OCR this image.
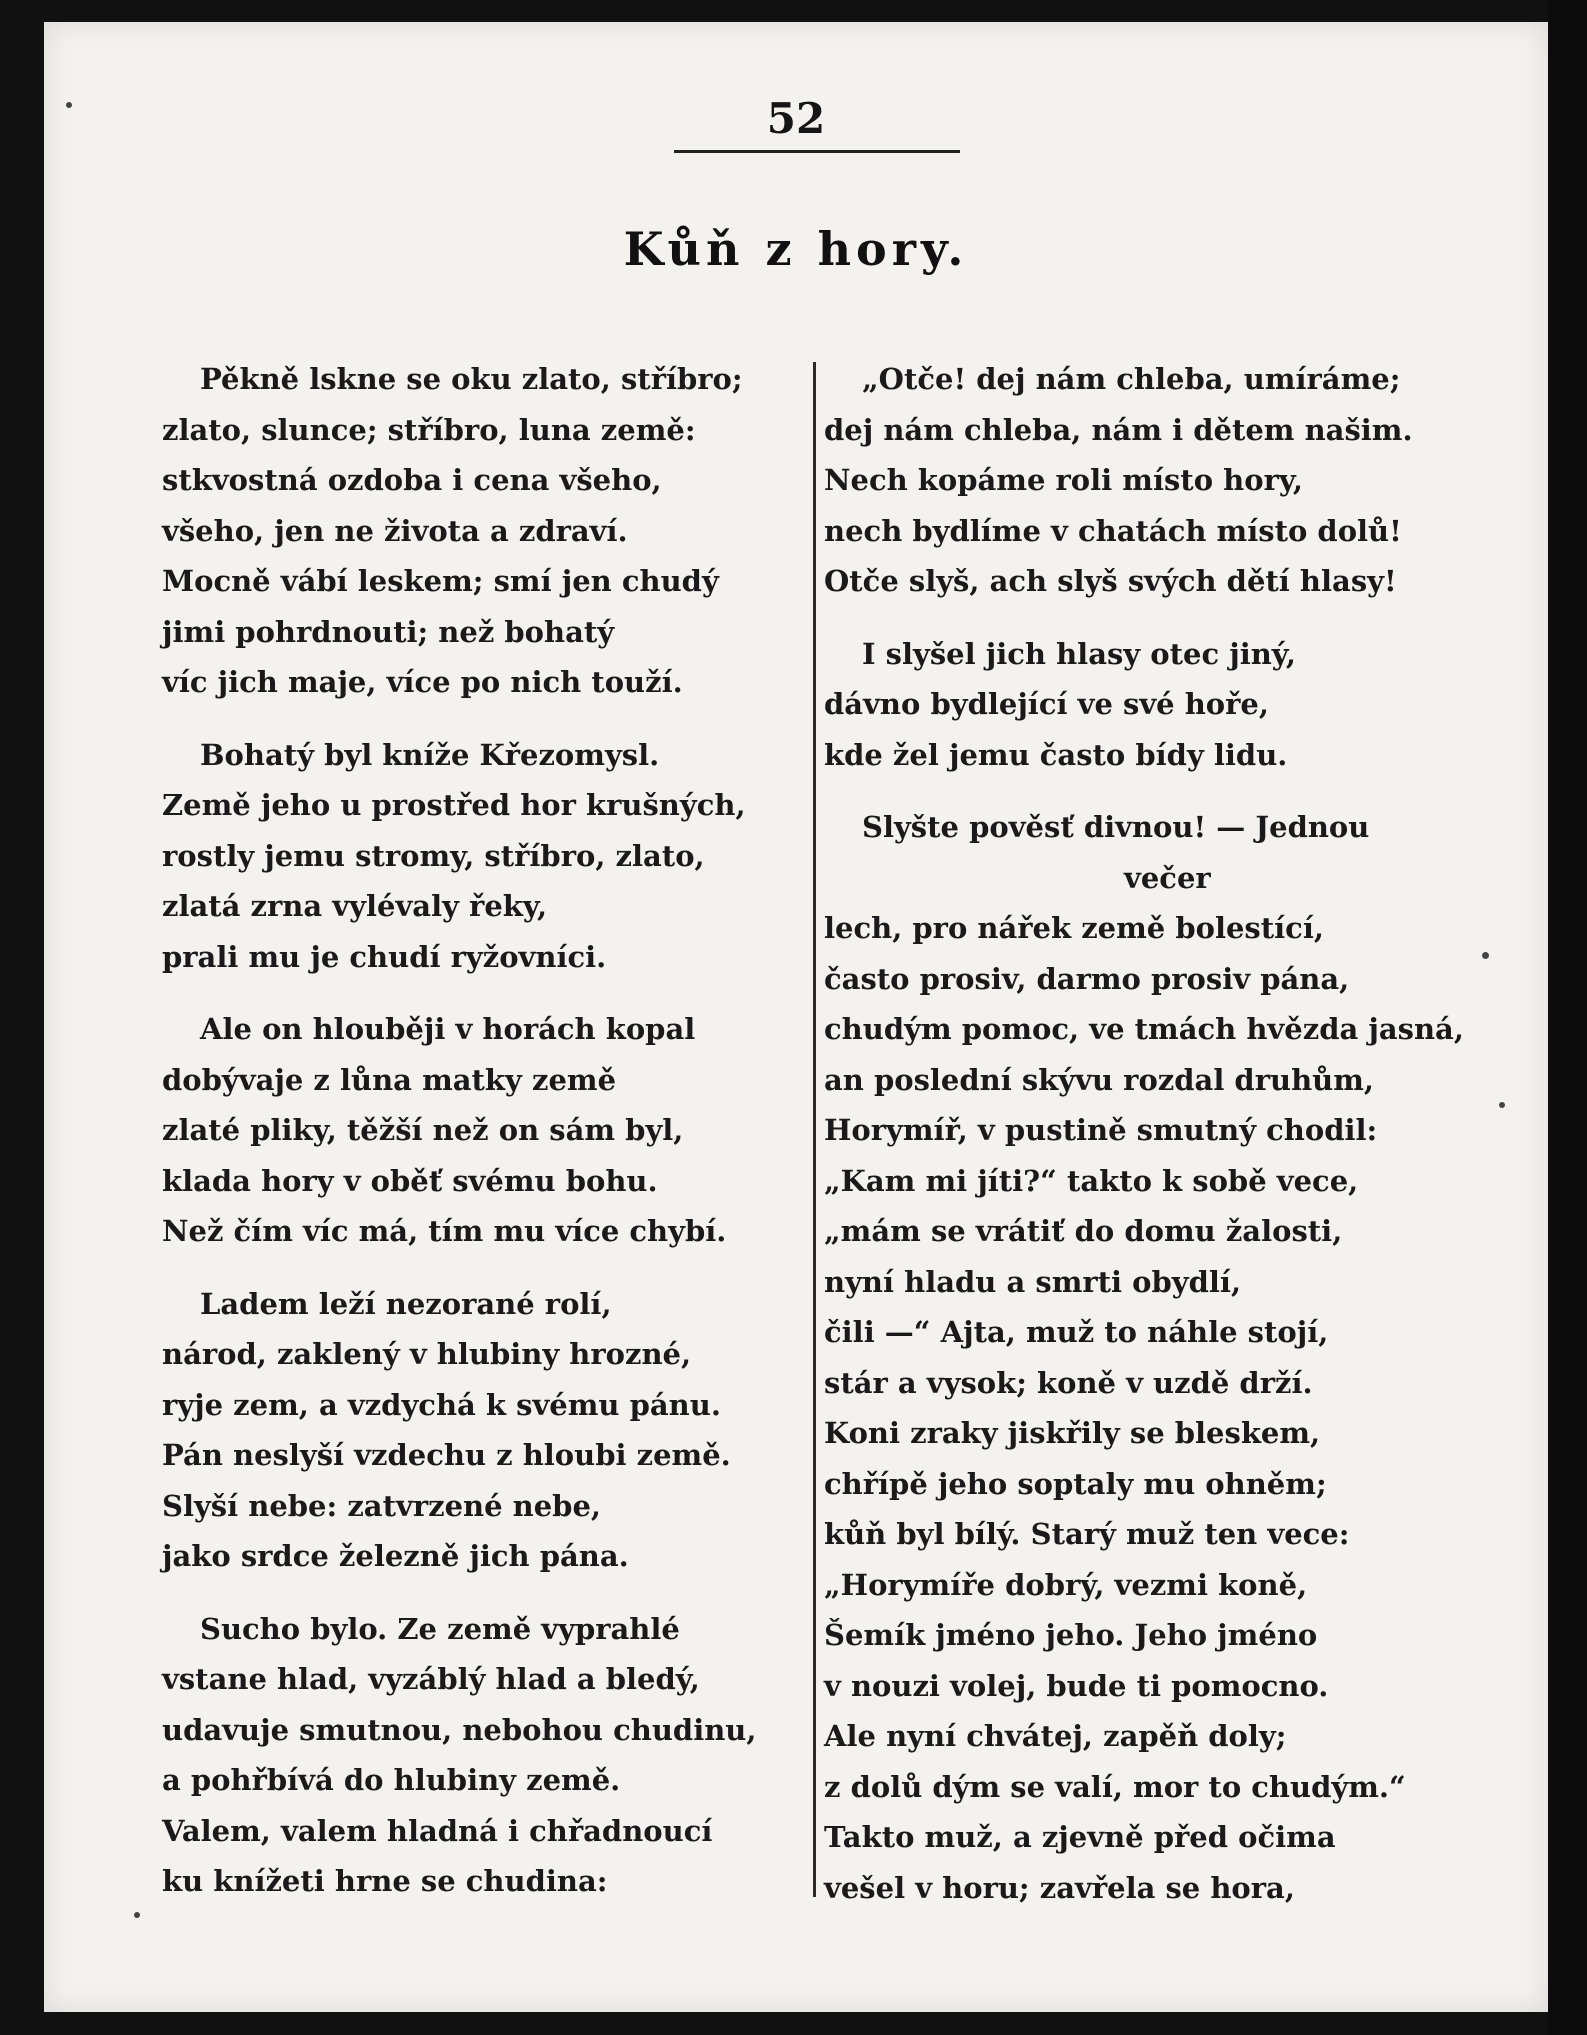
52
Kůň z hory.
Pěkně lskne se oku zlato, stříbro;
zlato, slunce; stříbro, luna země:
stkvostná ozdoba i cena všeho,
všeho, jen ne života a zdraví.
Mocně vábí leskem; smí jen chudý
jimi pohrdnouti; než bohatý
víc jich maje, více po nich touží.
Bohatý byl kníže Křezomysl.
Země jeho u prostřed hor krušných,
rostly jemu stromy, stříbro, zlato,
zlatá zrna vylévaly řeky,
prali mu je chudí ryžovníci.
Ale on hlouběji v horách kopal
dobývaje z lůna matky země
zlaté pliky, těžší než on sám byl,
klada hory v oběť svému bohu.
Než čím víc má, tím mu více chybí.
Ladem leží nezorané rolí,
národ, zaklený v hlubiny hrozné,
ryje zem, a vzdychá k svému pánu.
Pán neslyší vzdechu z hloubi země.
Slyší nebe: zatvrzené nebe,
jako srdce železně jich pána.
Sucho bylo. Ze země vyprahlé
vstane hlad, vyzáblý hlad a bledý,
udavuje smutnou, nebohou chudinu,
a pohřbívá do hlubiny země.
Valem, valem hladná i chřadnoucí
ku knížeti hrne se chudina:
„Otče! dej nám chleba, umíráme;
dej nám chleba, nám i dětem našim.
Nech kopáme roli místo hory,
nech bydlíme v chatách místo dolů!
Otče slyš, ach slyš svých dětí hlasy!
I slyšel jich hlasy otec jiný,
dávno bydlející ve své hoře,
kde žel jemu často bídy lidu.
Slyšte pověsť divnou! — Jednou
večer
lech, pro nářek země bolestící,
často prosiv, darmo prosiv pána,
chudým pomoc, ve tmách hvězda jasná,
an poslední skývu rozdal druhům,
Horymíř, v pustině smutný chodil:
„Kam mi jíti?“ takto k sobě vece,
„mám se vrátiť do domu žalosti,
nyní hladu a smrti obydlí,
čili —“ Ajta, muž to náhle stojí,
stár a vysok; koně v uzdě drží.
Koni zraky jiskřily se bleskem,
chřípě jeho soptaly mu ohněm;
kůň byl bílý. Starý muž ten vece:
„Horymíře dobrý, vezmi koně,
Šemík jméno jeho. Jeho jméno
v nouzi volej, bude ti pomocno.
Ale nyní chvátej, zapěň doly;
z dolů dým se valí, mor to chudým.“
Takto muž, a zjevně před očima
vešel v horu; zavřela se hora,
